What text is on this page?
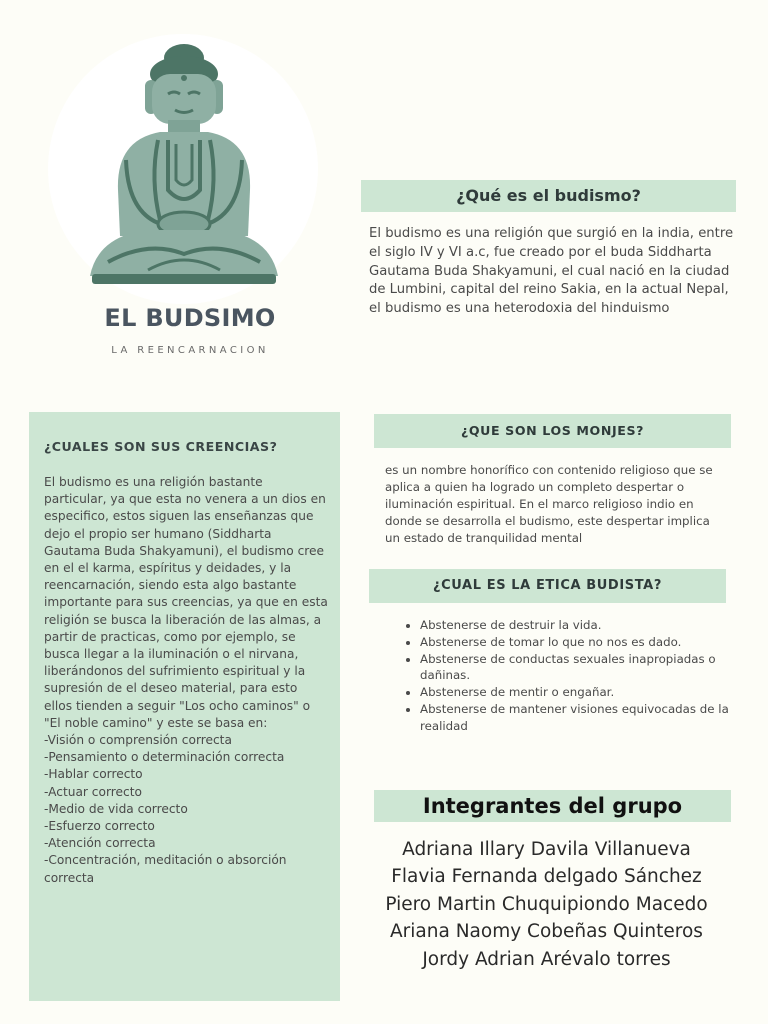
EL BUDSIMO
LA REENCARNACION
¿Qué es el budismo?
El budismo es una religión que surgió en la india, entre el siglo IV y VI a.c, fue creado por el buda Siddharta Gautama Buda Shakyamuni, el cual nació en la ciudad de Lumbini, capital del reino Sakia, en la actual Nepal, el budismo es una heterodoxia del hinduismo
¿CUALES SON SUS CREENCIAS?
El budismo es una religión bastante particular, ya que esta no venera a un dios en especifico, estos siguen las enseñanzas que dejo el propio ser humano (Siddharta Gautama Buda Shakyamuni), el budismo cree en el el karma, espíritus y deidades, y la reencarnación, siendo esta algo bastante importante para sus creencias, ya que en esta religión se busca la liberación de las almas, a partir de practicas, como por ejemplo, se busca llegar a la iluminación o el nirvana, liberándonos del sufrimiento espiritual y la supresión de el deseo material, para esto ellos tienden a seguir "Los ocho caminos" o "El noble camino" y este se basa en:
-Visión o comprensión correcta
-Pensamiento o determinación correcta
-Hablar correcto
-Actuar correcto
-Medio de vida correcto
-Esfuerzo correcto
-Atención correcta
-Concentración, meditación o absorción correcta
¿QUE SON LOS MONJES?
es un nombre honorífico con contenido religioso que se aplica a quien ha logrado un completo despertar o iluminación espiritual. En el marco religioso indio en donde se desarrolla el budismo, este despertar implica un estado de tranquilidad mental
¿CUAL ES LA ETICA BUDISTA?
• Abstenerse de destruir la vida.
• Abstenerse de tomar lo que no nos es dado.
• Abstenerse de conductas sexuales inapropiadas o dañinas.
• Abstenerse de mentir o engañar.
• Abstenerse de mantener visiones equivocadas de la realidad
Integrantes del grupo
Adriana Illary Davila Villanueva
Flavia Fernanda delgado Sánchez
Piero Martin Chuquipiondo Macedo
Ariana Naomy Cobeñas Quinteros
Jordy Adrian Arévalo torres
